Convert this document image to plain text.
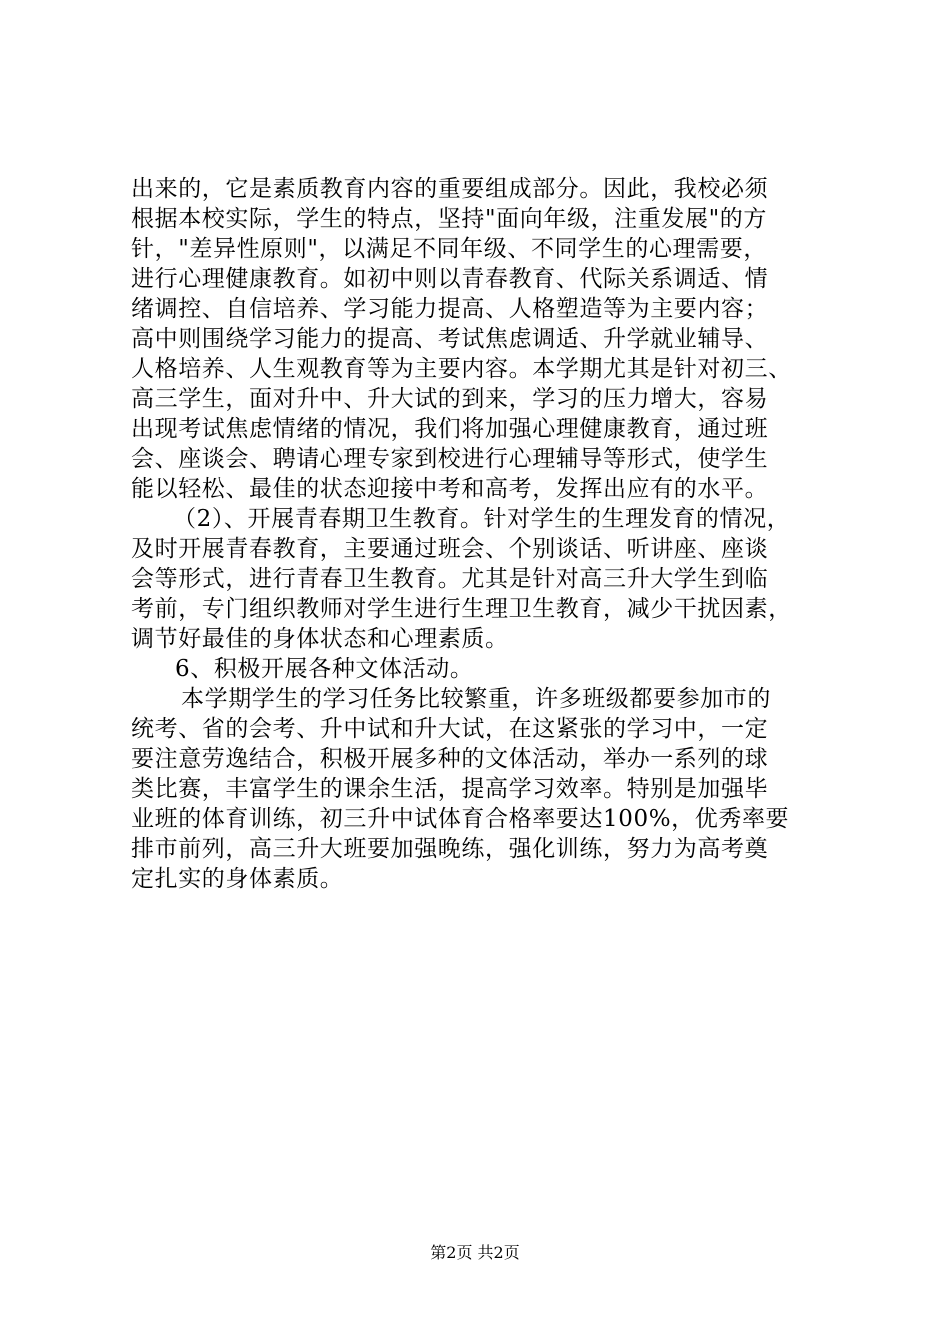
出来的，它是素质教育内容的重要组成部分。因此，我校必须
根据本校实际，学生的特点，坚持"面向年级，注重发展"的方
针，"差异性原则"，以满足不同年级、不同学生的心理需要，
进行心理健康教育。如初中则以青春教育、代际关系调适、情
绪调控、自信培养、学习能力提高、人格塑造等为主要内容；
高中则围绕学习能力的提高、考试焦虑调适、升学就业辅导、
人格培养、人生观教育等为主要内容。本学期尤其是针对初三、
高三学生，面对升中、升大试的到来，学习的压力增大，容易
出现考试焦虑情绪的情况，我们将加强心理健康教育，通过班
会、座谈会、聘请心理专家到校进行心理辅导等形式，使学生
能以轻松、最佳的状态迎接中考和高考，发挥出应有的水平。
（2）、开展青春期卫生教育。针对学生的生理发育的情况，
及时开展青春教育，主要通过班会、个别谈话、听讲座、座谈
会等形式，进行青春卫生教育。尤其是针对高三升大学生到临
考前，专门组织教师对学生进行生理卫生教育，减少干扰因素，
调节好最佳的身体状态和心理素质。
6、积极开展各种文体活动。
本学期学生的学习任务比较繁重，许多班级都要参加市的
统考、省的会考、升中试和升大试，在这紧张的学习中，一定
要注意劳逸结合，积极开展多种的文体活动，举办一系列的球
类比赛，丰富学生的课余生活，提高学习效率。特别是加强毕
业班的体育训练，初三升中试体育合格率要达100%，优秀率要
排市前列，高三升大班要加强晚练，强化训练，努力为高考奠
定扎实的身体素质。
第2页 共2页
